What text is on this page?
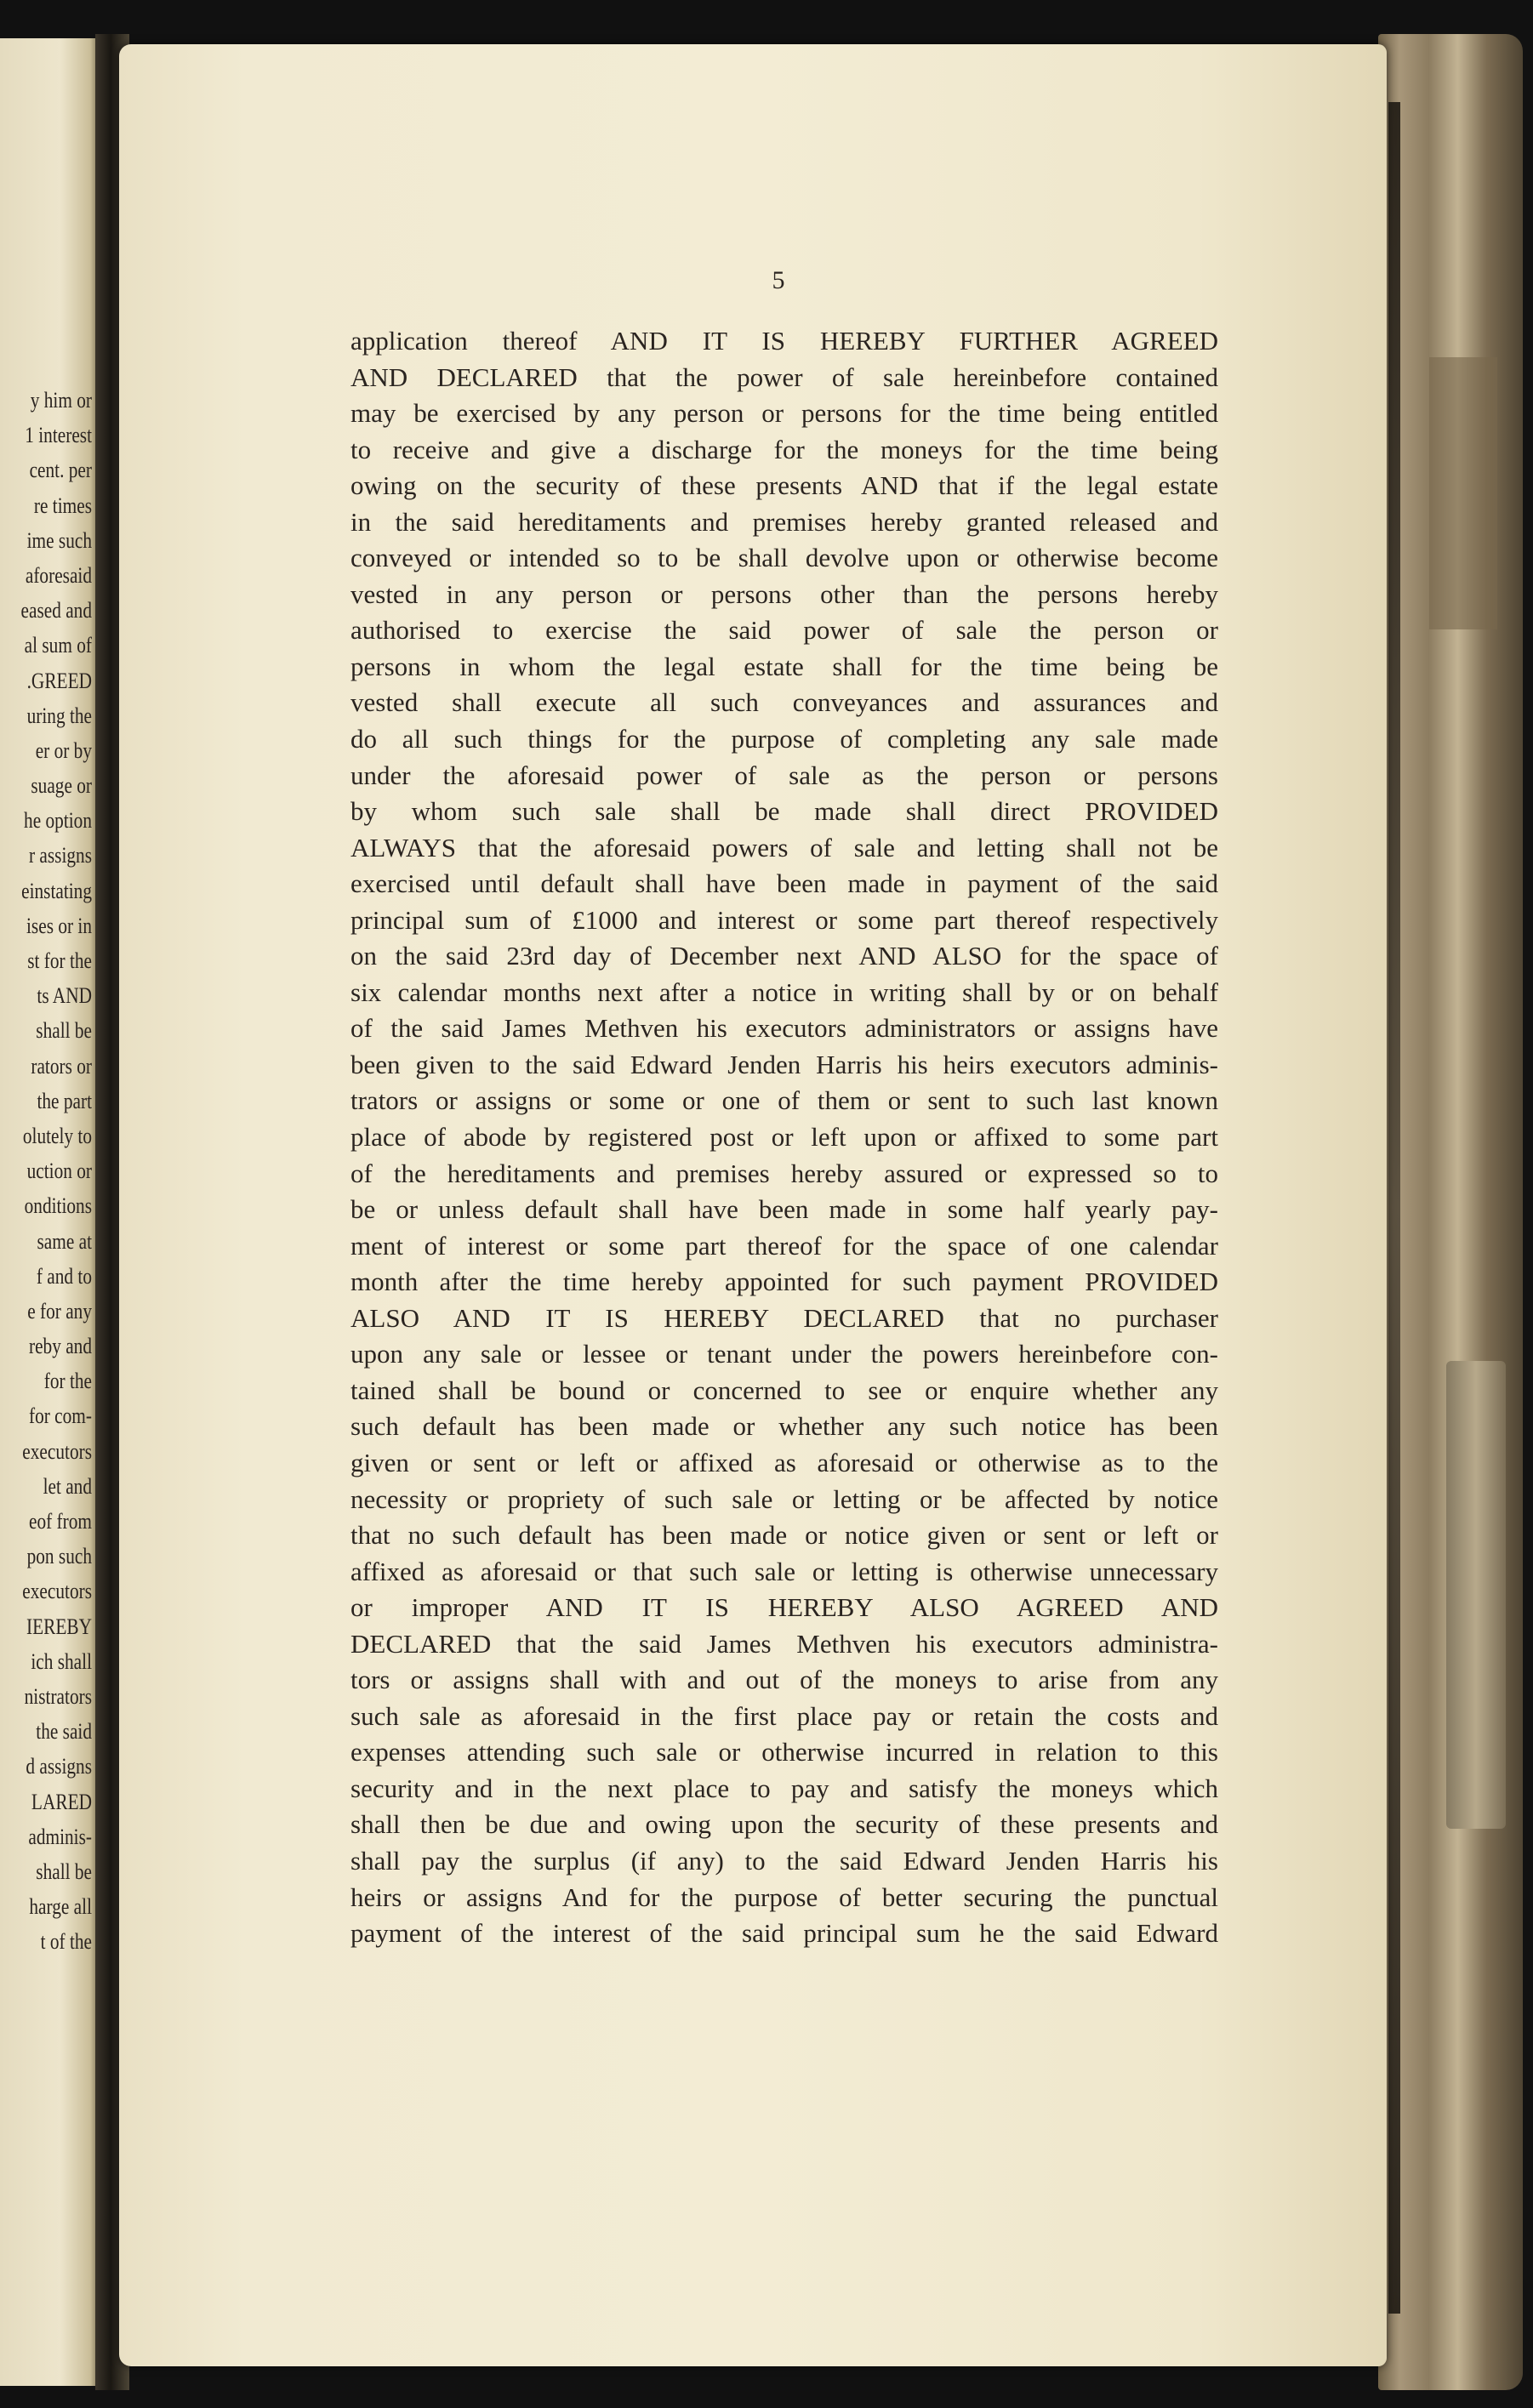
y him or
1 interest
cent. per
re times
ime such
aforesaid
eased and
al sum of
.GREED
uring the
er or by
suage or
he option
r assigns
einstating
ises or in
st for the
ts AND
shall be
rators or
the part
olutely to
uction or
onditions
same at
f and to
e for any
reby and
for the
for com-
executors
let and
eof from
pon such
executors
IEREBY
ich shall
nistrators
the said
d assigns
LARED
adminis-
shall be
harge all
t of the
5
application thereof AND IT IS HEREBY FURTHER AGREED
AND DECLARED that the power of sale hereinbefore contained
may be exercised by any person or persons for the time being entitled
to receive and give a discharge for the moneys for the time being
owing on the security of these presents AND that if the legal estate
in the said hereditaments and premises hereby granted released and
conveyed or intended so to be shall devolve upon or otherwise become
vested in any person or persons other than the persons hereby
authorised to exercise the said power of sale the person or
persons in whom the legal estate shall for the time being be
vested shall execute all such conveyances and assurances and
do all such things for the purpose of completing any sale made
under the aforesaid power of sale as the person or persons
by whom such sale shall be made shall direct PROVIDED
ALWAYS that the aforesaid powers of sale and letting shall not be
exercised until default shall have been made in payment of the said
principal sum of £1000 and interest or some part thereof respectively
on the said 23rd day of December next AND ALSO for the space of
six calendar months next after a notice in writing shall by or on behalf
of the said James Methven his executors administrators or assigns have
been given to the said Edward Jenden Harris his heirs executors adminis-
trators or assigns or some or one of them or sent to such last known
place of abode by registered post or left upon or affixed to some part
of the hereditaments and premises hereby assured or expressed so to
be or unless default shall have been made in some half yearly pay-
ment of interest or some part thereof for the space of one calendar
month after the time hereby appointed for such payment PROVIDED
ALSO AND IT IS HEREBY DECLARED that no purchaser
upon any sale or lessee or tenant under the powers hereinbefore con-
tained shall be bound or concerned to see or enquire whether any
such default has been made or whether any such notice has been
given or sent or left or affixed as aforesaid or otherwise as to the
necessity or propriety of such sale or letting or be affected by notice
that no such default has been made or notice given or sent or left or
affixed as aforesaid or that such sale or letting is otherwise unnecessary
or improper AND IT IS HEREBY ALSO AGREED AND
DECLARED that the said James Methven his executors administra-
tors or assigns shall with and out of the moneys to arise from any
such sale as aforesaid in the first place pay or retain the costs and
expenses attending such sale or otherwise incurred in relation to this
security and in the next place to pay and satisfy the moneys which
shall then be due and owing upon the security of these presents and
shall pay the surplus (if any) to the said Edward Jenden Harris his
heirs or assigns And for the purpose of better securing the punctual
payment of the interest of the said principal sum he the said Edward
